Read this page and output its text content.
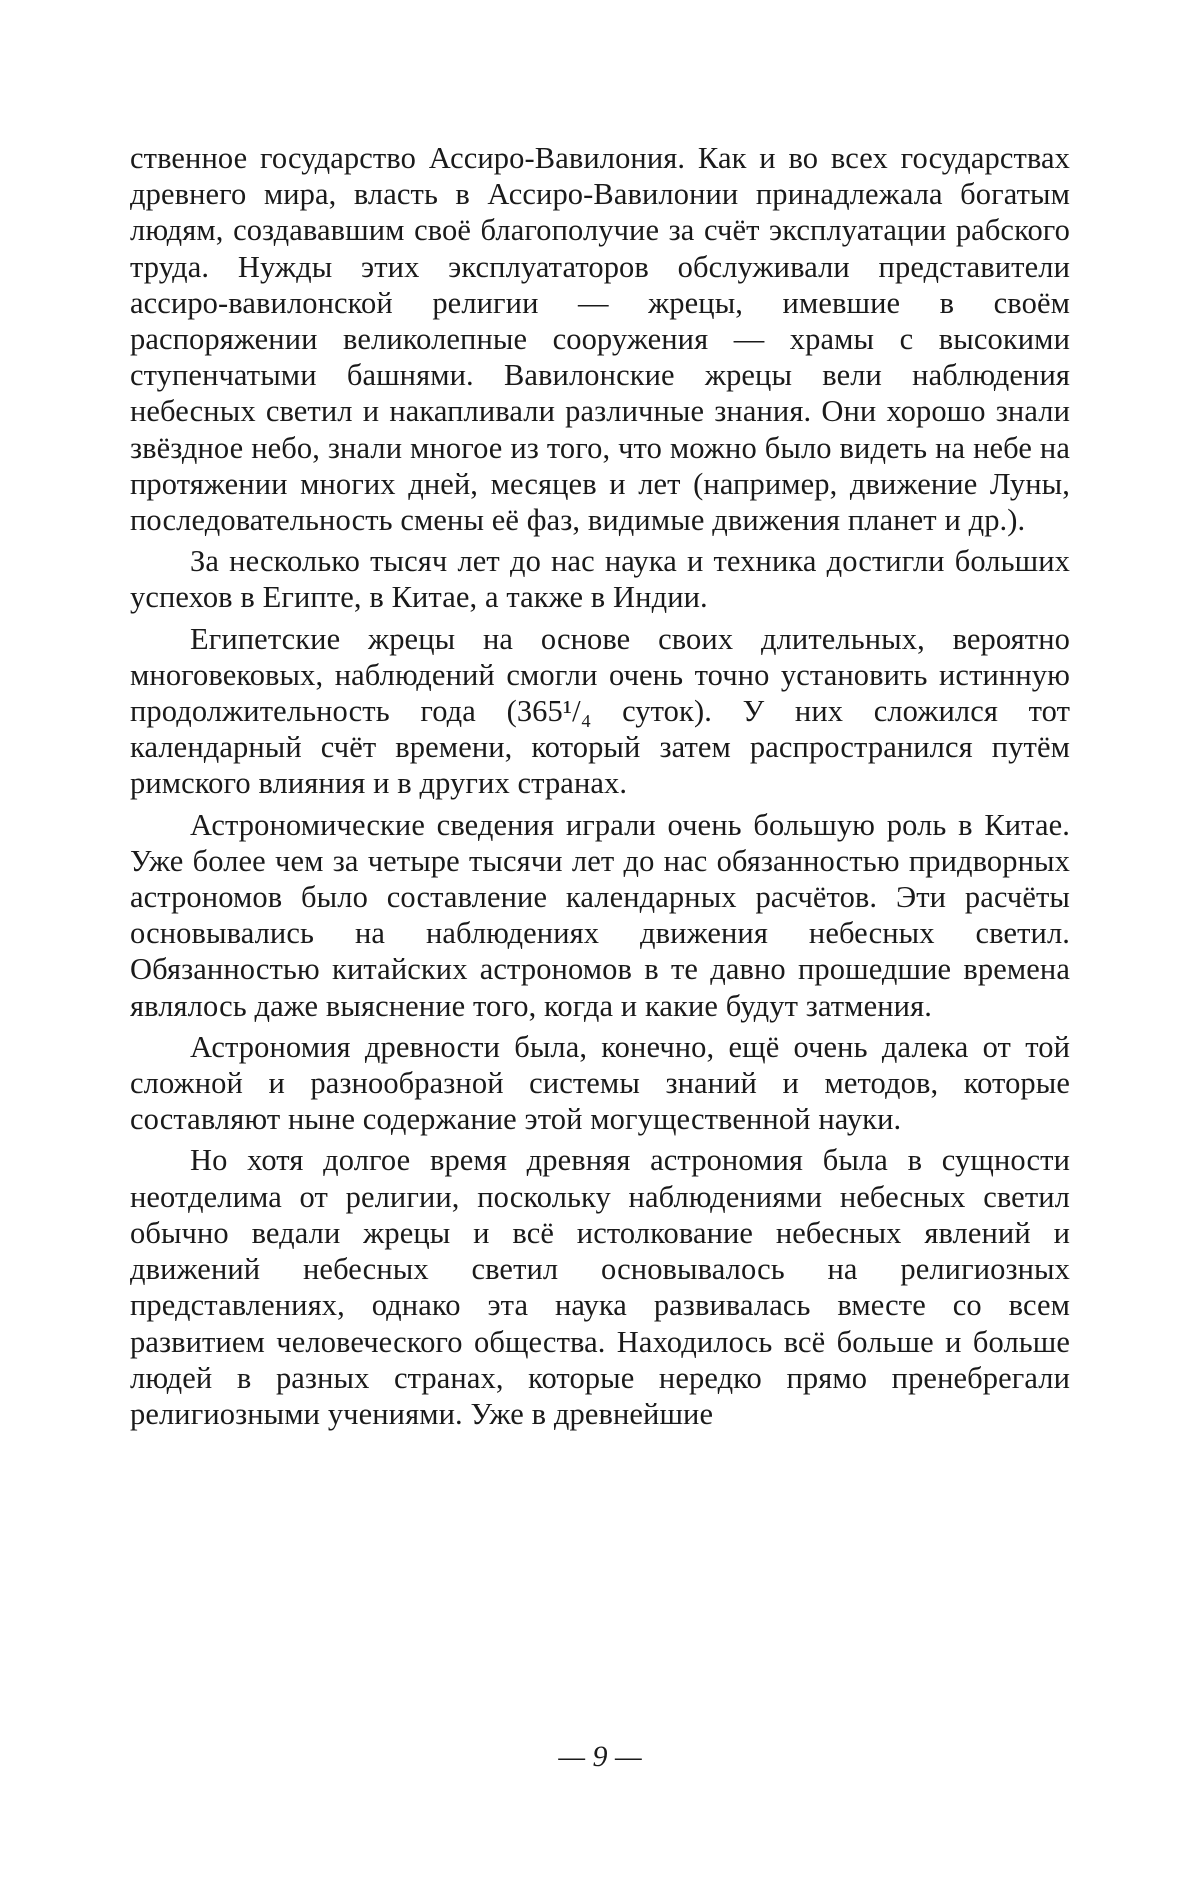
ственное государство Ассиро-Вавилония. Как и во всех государствах древнего мира, власть в Ассиро-Вавилонии принадлежала богатым людям, создававшим своё благополучие за счёт эксплуатации рабского труда. Нужды этих эксплуататоров обслуживали представители ассиро-вавилонской религии — жрецы, имевшие в своём распоряжении великолепные сооружения — храмы с высокими ступенчатыми башнями. Вавилонские жрецы вели наблюдения небесных светил и накапливали различные знания. Они хорошо знали звёздное небо, знали многое из того, что можно было видеть на небе на протяжении многих дней, месяцев и лет (например, движение Луны, последовательность смены её фаз, видимые движения планет и др.).

За несколько тысяч лет до нас наука и техника достигли больших успехов в Египте, в Китае, а также в Индии.

Египетские жрецы на основе своих длительных, вероятно многовековых, наблюдений смогли очень точно установить истинную продолжительность года (365¹/₄ суток). У них сложился тот календарный счёт времени, который затем распространился путём римского влияния и в других странах.

Астрономические сведения играли очень большую роль в Китае. Уже более чем за четыре тысячи лет до нас обязанностью придворных астрономов было составление календарных расчётов. Эти расчёты основывались на наблюдениях движения небесных светил. Обязанностью китайских астрономов в те давно прошедшие времена являлось даже выяснение того, когда и какие будут затмения.

Астрономия древности была, конечно, ещё очень далека от той сложной и разнообразной системы знаний и методов, которые составляют ныне содержание этой могущественной науки.

Но хотя долгое время древняя астрономия была в сущности неотделима от религии, поскольку наблюдениями небесных светил обычно ведали жрецы и всё истолкование небесных явлений и движений небесных светил основывалось на религиозных представлениях, однако эта наука развивалась вместе со всем развитием человеческого общества. Находилось всё больше и больше людей в разных странах, которые нередко прямо пренебрегали религиозными учениями. Уже в древнейшие

— 9 —
